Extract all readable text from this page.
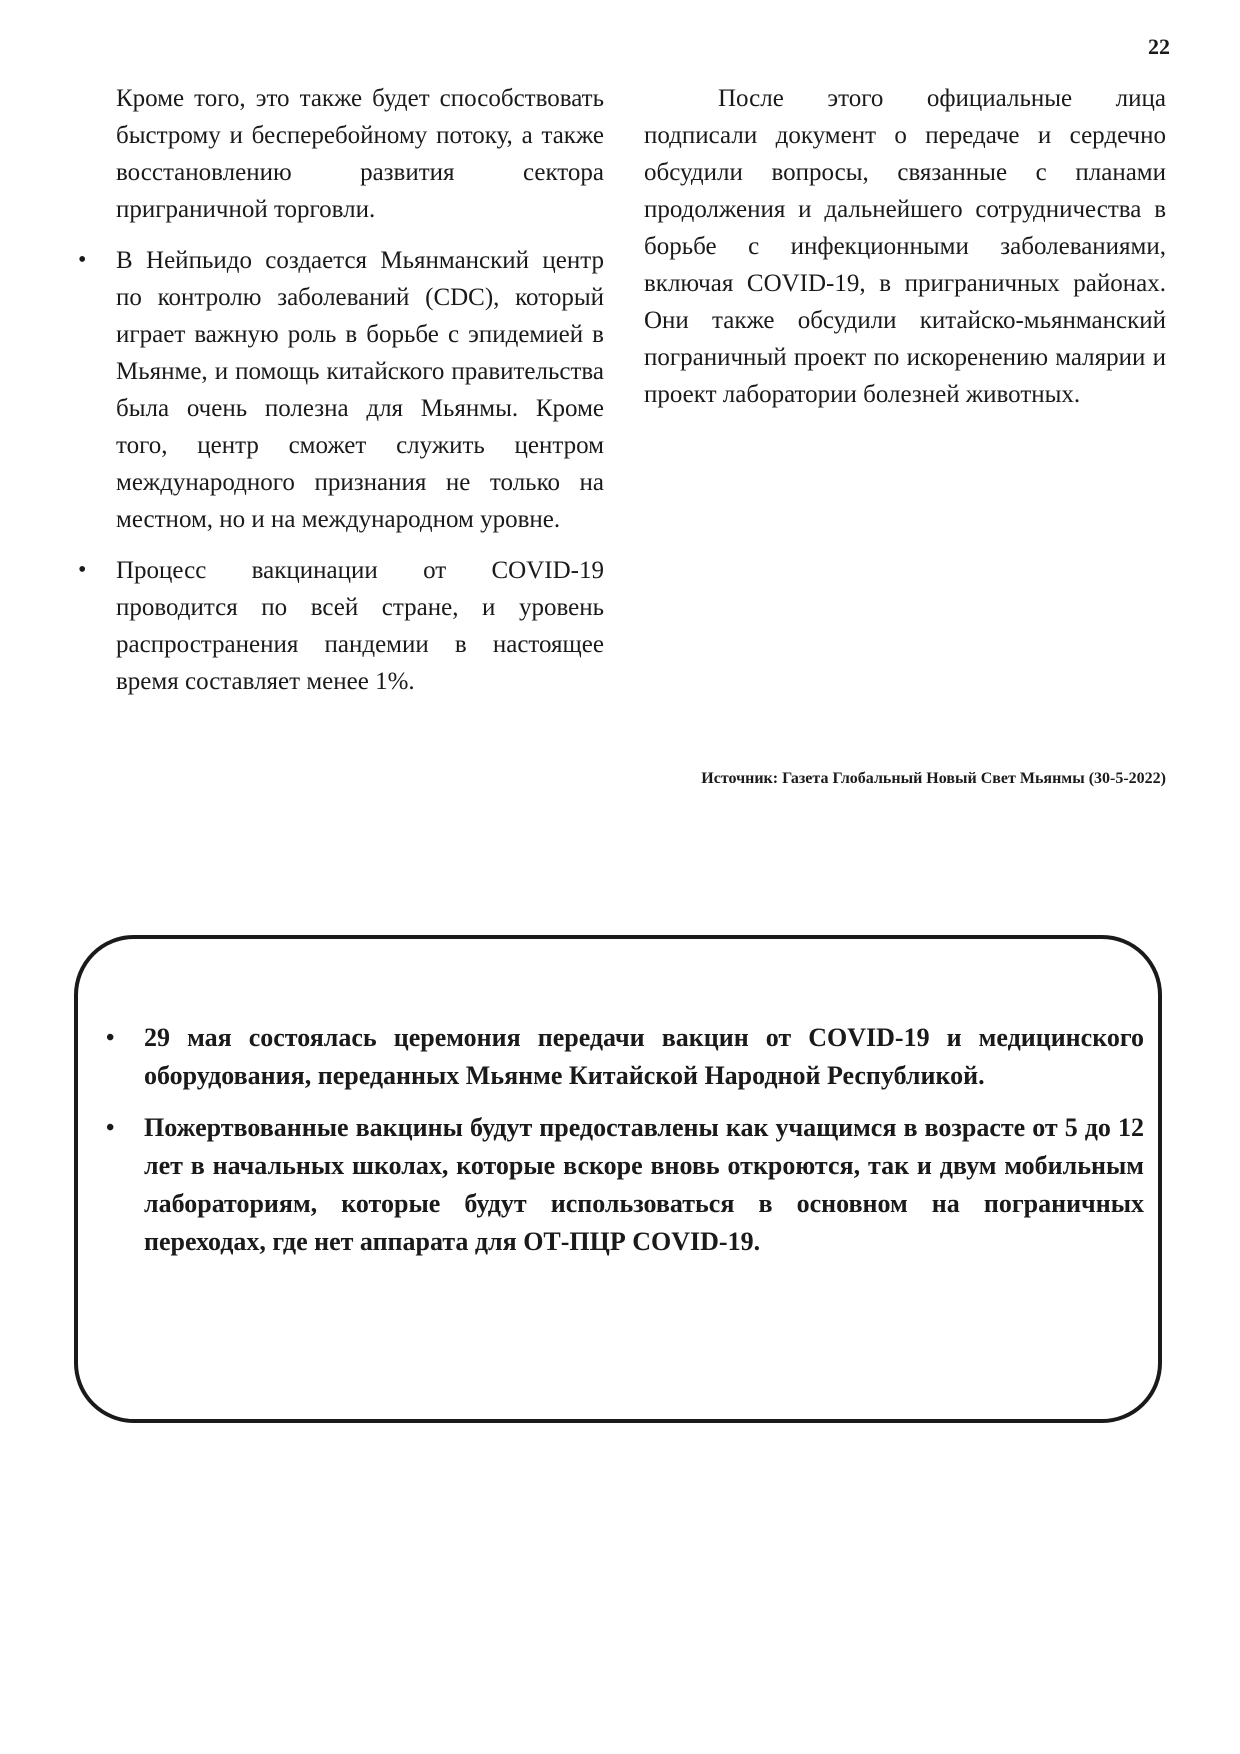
22

Кроме того, это также будет способствовать быстрому и бесперебойному потоку, а также восстановлению развития сектора приграничной торговли.

• В Нейпьидо создается Мьянманский центр по контролю заболеваний (CDC), который играет важную роль в борьбе с эпидемией в Мьянме, и помощь китайского правительства была очень полезна для Мьянмы. Кроме того, центр сможет служить центром международного признания не только на местном, но и на международном уровне.
• Процесс вакцинации от COVID-19 проводится по всей стране, и уровень распространения пандемии в настоящее время составляет менее 1%.

После этого официальные лица подписали документ о передаче и сердечно обсудили вопросы, связанные с планами продолжения и дальнейшего сотрудничества в борьбе с инфекционными заболеваниями, включая COVID-19, в приграничных районах. Они также обсудили китайско-мьянманский пограничный проект по искоренению малярии и проект лаборатории болезней животных.

Источник: Газета Глобальный Новый Свет Мьянмы (30-5-2022)
• 29 мая состоялась церемония передачи вакцин от COVID-19 и медицинского оборудования, переданных Мьянме Китайской Народной Республикой.
• Пожертвованные вакцины будут предоставлены как учащимся в возрасте от 5 до 12 лет в начальных школах, которые вскоре вновь откроются, так и двум мобильным лабораториям, которые будут использоваться в основном на пограничных переходах, где нет аппарата для ОТ-ПЦР COVID-19.
